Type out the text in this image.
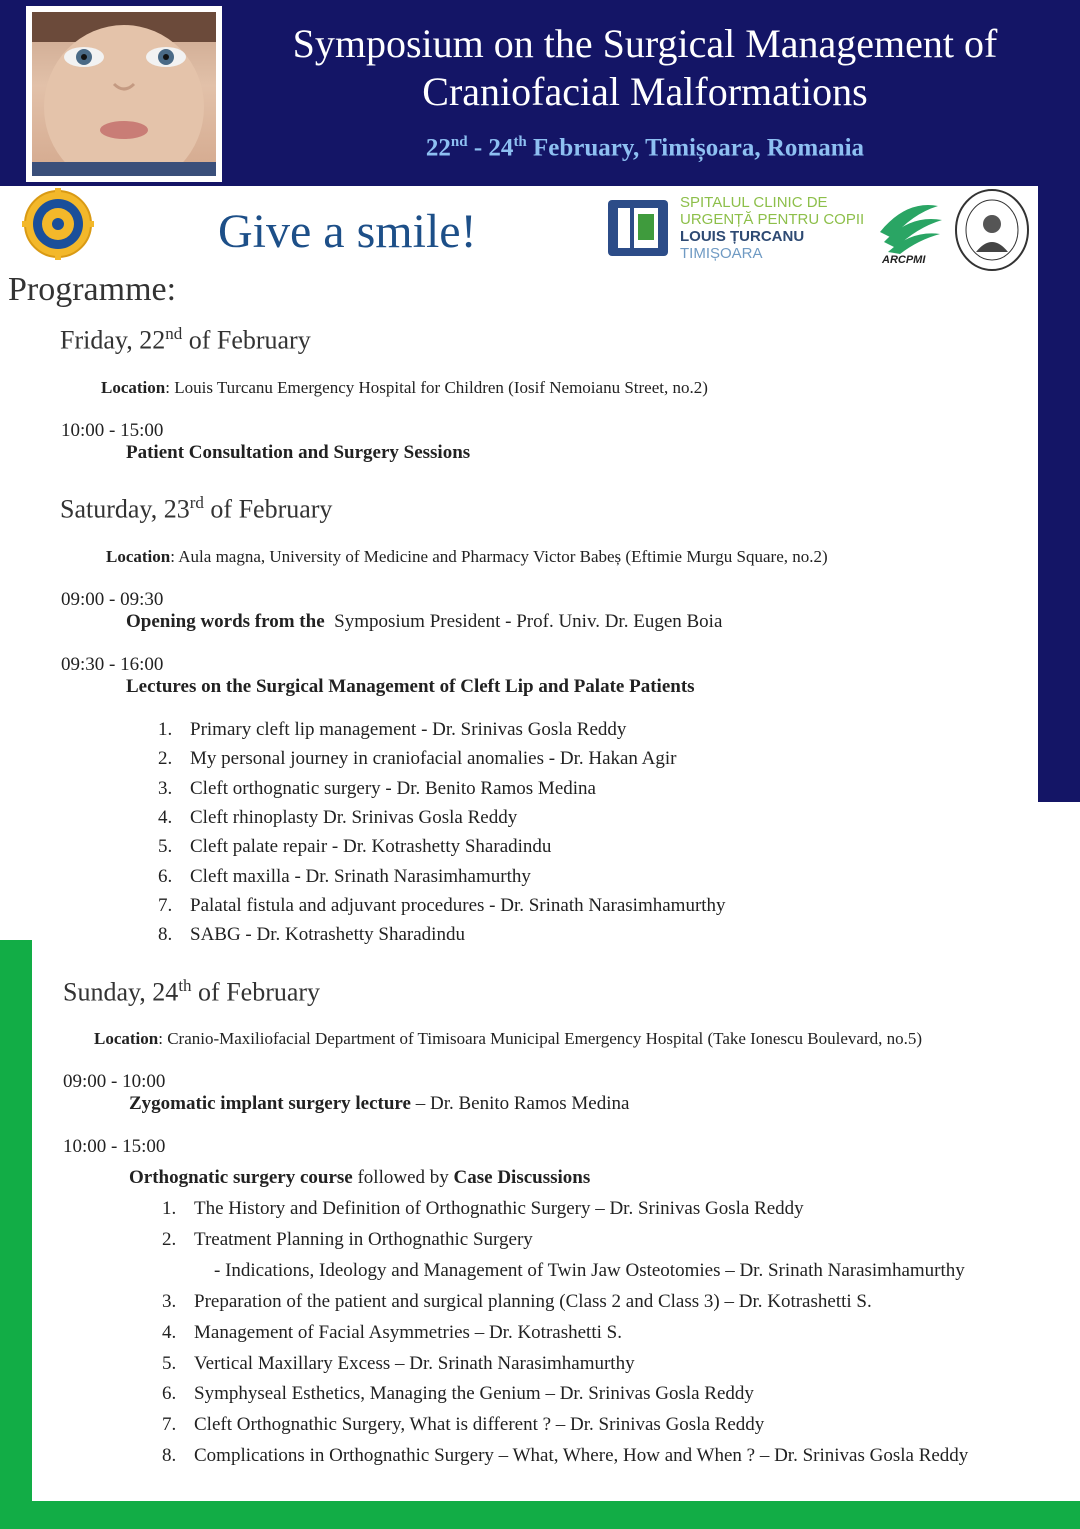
Symposium on the Surgical Management of
Craniofacial Malformations
22nd - 24th February, Timișoara, Romania
Give a smile!
SPITALUL CLINIC DE
URGENȚĂ PENTRU COPII
LOUIS ȚURCANU
TIMIȘOARA	ARCPMI
Programme:
Friday, 22nd of February
Location: Louis Turcanu Emergency Hospital for Children (Iosif Nemoianu Street, no.2)
10:00 - 15:00
Patient Consultation and Surgery Sessions
Saturday, 23rd of February
Location: Aula magna, University of Medicine and Pharmacy Victor Babeș (Eftimie Murgu Square, no.2)
09:00 - 09:30
Opening words from the  Symposium President - Prof. Univ. Dr. Eugen Boia
09:30 - 16:00
Lectures on the Surgical Management of Cleft Lip and Palate Patients
1. Primary cleft lip management - Dr. Srinivas Gosla Reddy
2. My personal journey in craniofacial anomalies - Dr. Hakan Agir
3. Cleft orthognatic surgery - Dr. Benito Ramos Medina
4. Cleft rhinoplasty Dr. Srinivas Gosla Reddy
5. Cleft palate repair - Dr. Kotrashetty Sharadindu
6. Cleft maxilla - Dr. Srinath Narasimhamurthy
7. Palatal fistula and adjuvant procedures - Dr. Srinath Narasimhamurthy
8. SABG - Dr. Kotrashetty Sharadindu
Sunday, 24th of February
Location: Cranio-Maxiliofacial Department of Timisoara Municipal Emergency Hospital (Take Ionescu Boulevard, no.5)
09:00 - 10:00
Zygomatic implant surgery lecture – Dr. Benito Ramos Medina
10:00 - 15:00
Orthognatic surgery course followed by Case Discussions
1. The History and Definition of Orthognathic Surgery – Dr. Srinivas Gosla Reddy
2. Treatment Planning in Orthognathic Surgery
- Indications, Ideology and Management of Twin Jaw Osteotomies – Dr. Srinath Narasimhamurthy
3. Preparation of the patient and surgical planning (Class 2 and Class 3) – Dr. Kotrashetti S.
4. Management of Facial Asymmetries – Dr. Kotrashetti S.
5. Vertical Maxillary Excess – Dr. Srinath Narasimhamurthy
6. Symphyseal Esthetics, Managing the Genium – Dr. Srinivas Gosla Reddy
7. Cleft Orthognathic Surgery, What is different ? – Dr. Srinivas Gosla Reddy
8. Complications in Orthognathic Surgery – What, Where, How and When ? – Dr. Srinivas Gosla Reddy
